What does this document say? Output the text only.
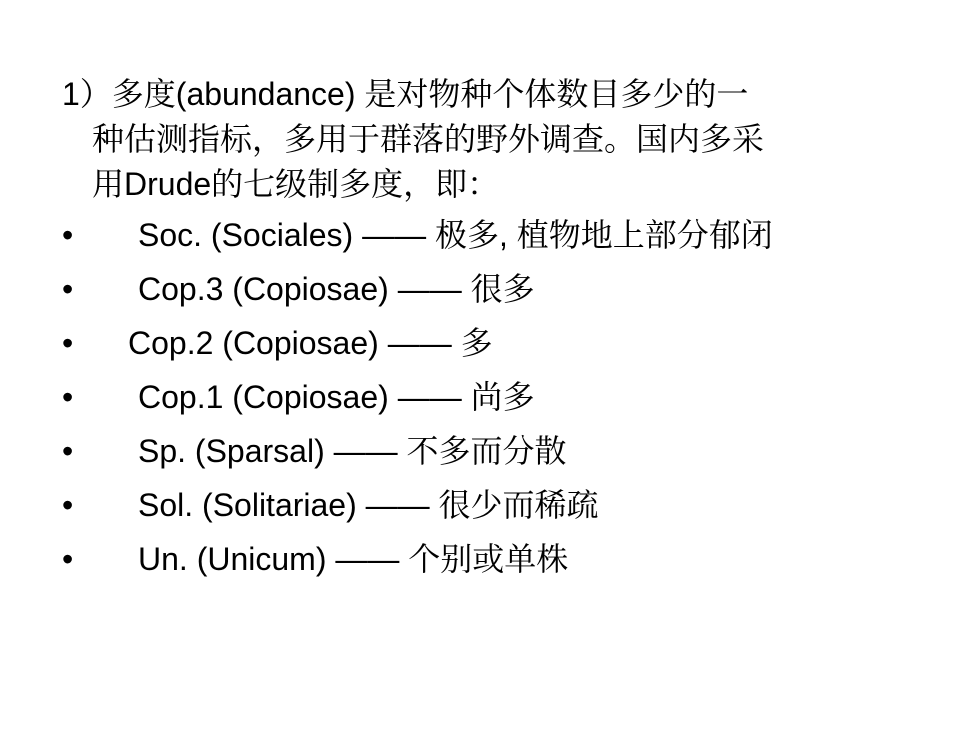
1）多度(abundance) 是对物种个体数目多少的一
种估测指标，多用于群落的野外调查。国内多采
用Drude的七级制多度，即：
• Soc. (Sociales) —— 极多, 植物地上部分郁闭
• Cop.3 (Copiosae) —— 很多
• Cop.2 (Copiosae) —— 多
• Cop.1 (Copiosae) —— 尚多
• Sp. (Sparsal) —— 不多而分散
• Sol. (Solitariae) —— 很少而稀疏
• Un. (Unicum) —— 个别或单株
